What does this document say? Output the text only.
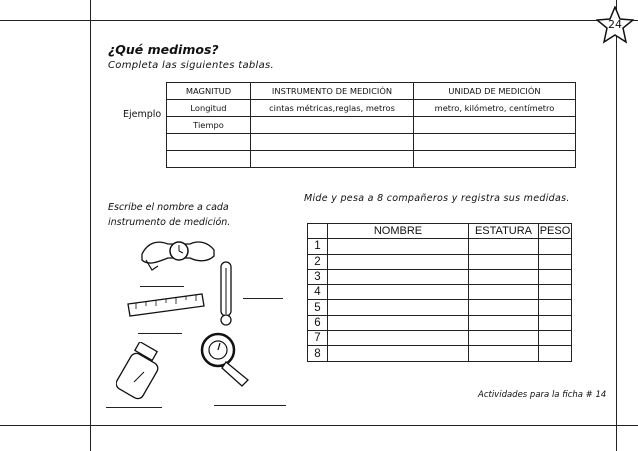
24
¿Qué medimos?
Completa las siguientes tablas.
Ejemplo
MAGNITUD	INSTRUMENTO DE MEDICIÓN	UNIDAD DE MEDICIÓN
Longitud	cintas métricas,reglas, metros	metro, kilómetro, centímetro
Tiempo		

Escribe el nombre a cada instrumento de medición.
Mide y pesa a 8 compañeros y registra sus medidas.
	NOMBRE	ESTATURA	PESO
1			
2			
3			
4			
5			
6			
7			
8			
Actividades para la ficha # 14
